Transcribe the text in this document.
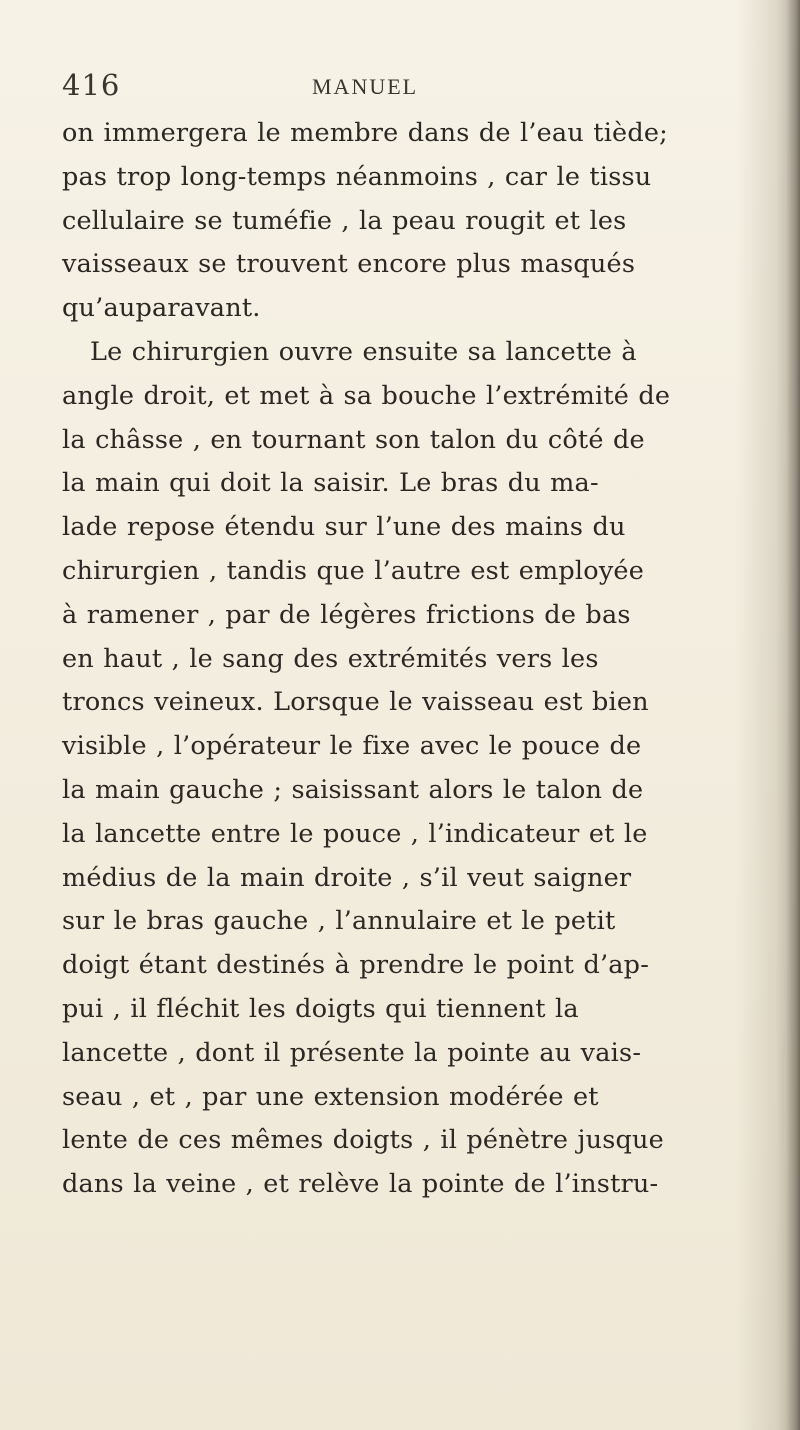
416	MANUEL
on immergera le membre dans de l’eau tiède;
pas trop long-temps néanmoins , car le tissu
cellulaire se tuméfie , la peau rougit et les
vaisseaux se trouvent encore plus masqués
qu’auparavant.
Le chirurgien ouvre ensuite sa lancette à
angle droit, et met à sa bouche l’extrémité de
la châsse , en tournant son talon du côté de
la main qui doit la saisir. Le bras du ma-
lade repose étendu sur l’une des mains du
chirurgien , tandis que l’autre est employée
à ramener , par de légères frictions de bas
en haut , le sang des extrémités vers les
troncs veineux. Lorsque le vaisseau est bien
visible , l’opérateur le fixe avec le pouce de
la main gauche ; saisissant alors le talon de
la lancette entre le pouce , l’indicateur et le
médius de la main droite , s’il veut saigner
sur le bras gauche , l’annulaire et le petit
doigt étant destinés à prendre le point d’ap-
pui , il fléchit les doigts qui tiennent la
lancette , dont il présente la pointe au vais-
seau , et , par une extension modérée et
lente de ces mêmes doigts , il pénètre jusque
dans la veine , et relève la pointe de l’instru-
